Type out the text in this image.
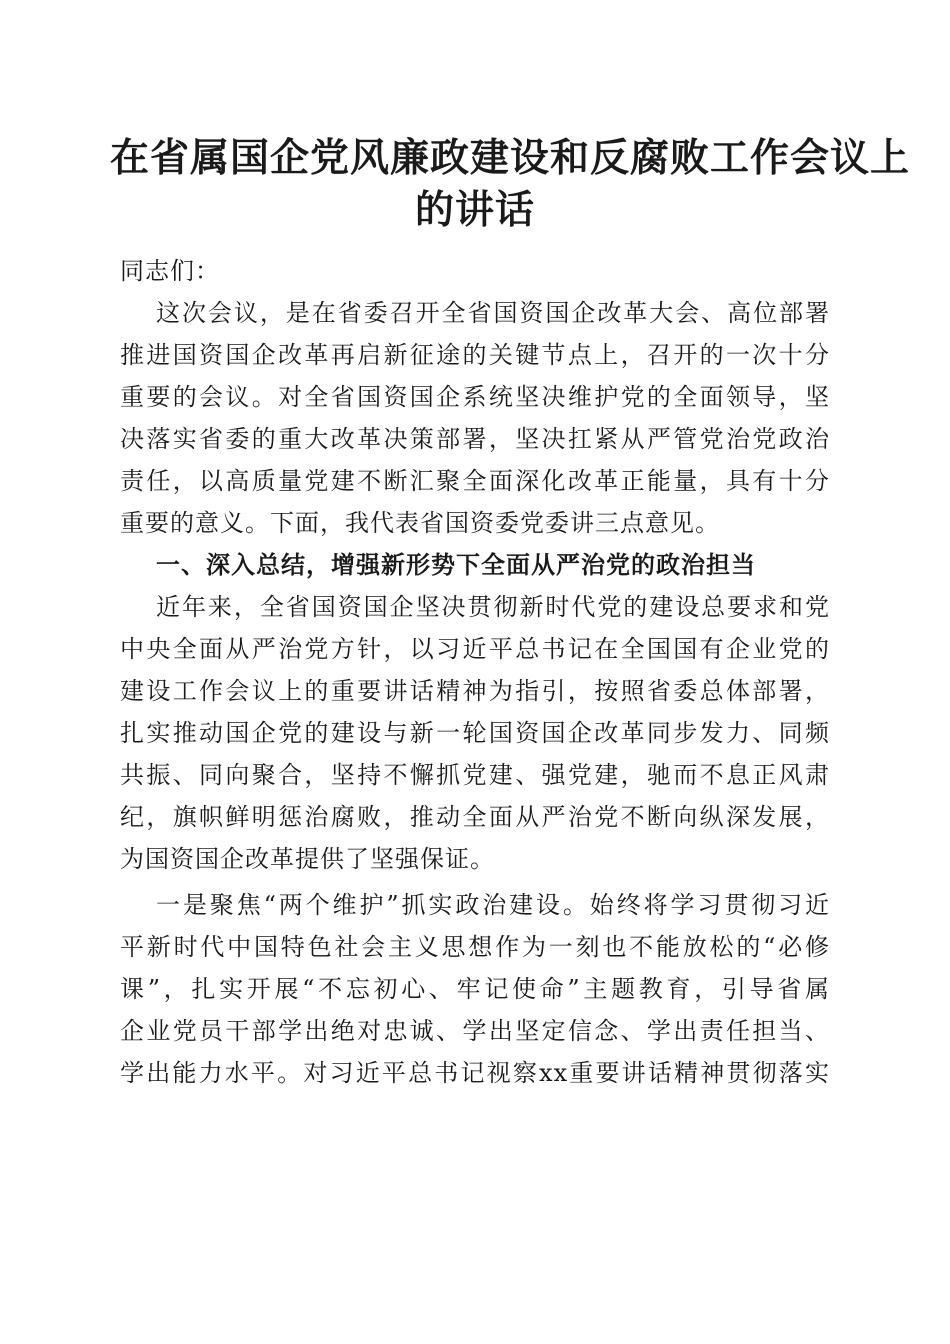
在省属国企党风廉政建设和反腐败工作会议上
的讲话

同志们：

这次会议，是在省委召开全省国资国企改革大会、高位部署
推进国资国企改革再启新征途的关键节点上，召开的一次十分
重要的会议。对全省国资国企系统坚决维护党的全面领导，坚
决落实省委的重大改革决策部署，坚决扛紧从严管党治党政治
责任，以高质量党建不断汇聚全面深化改革正能量，具有十分
重要的意义。下面，我代表省国资委党委讲三点意见。

一、深入总结，增强新形势下全面从严治党的政治担当

近年来，全省国资国企坚决贯彻新时代党的建设总要求和党
中央全面从严治党方针，以习近平总书记在全国国有企业党的
建设工作会议上的重要讲话精神为指引，按照省委总体部署，
扎实推动国企党的建设与新一轮国资国企改革同步发力、同频
共振、同向聚合，坚持不懈抓党建、强党建，驰而不息正风肃
纪，旗帜鲜明惩治腐败，推动全面从严治党不断向纵深发展，
为国资国企改革提供了坚强保证。

一是聚焦“两个维护”抓实政治建设。始终将学习贯彻习近
平新时代中国特色社会主义思想作为一刻也不能放松的“必修
课”，扎实开展“不忘初心、牢记使命”主题教育，引导省属
企业党员干部学出绝对忠诚、学出坚定信念、学出责任担当、
学出能力水平。对习近平总书记视察xx重要讲话精神贯彻落实
